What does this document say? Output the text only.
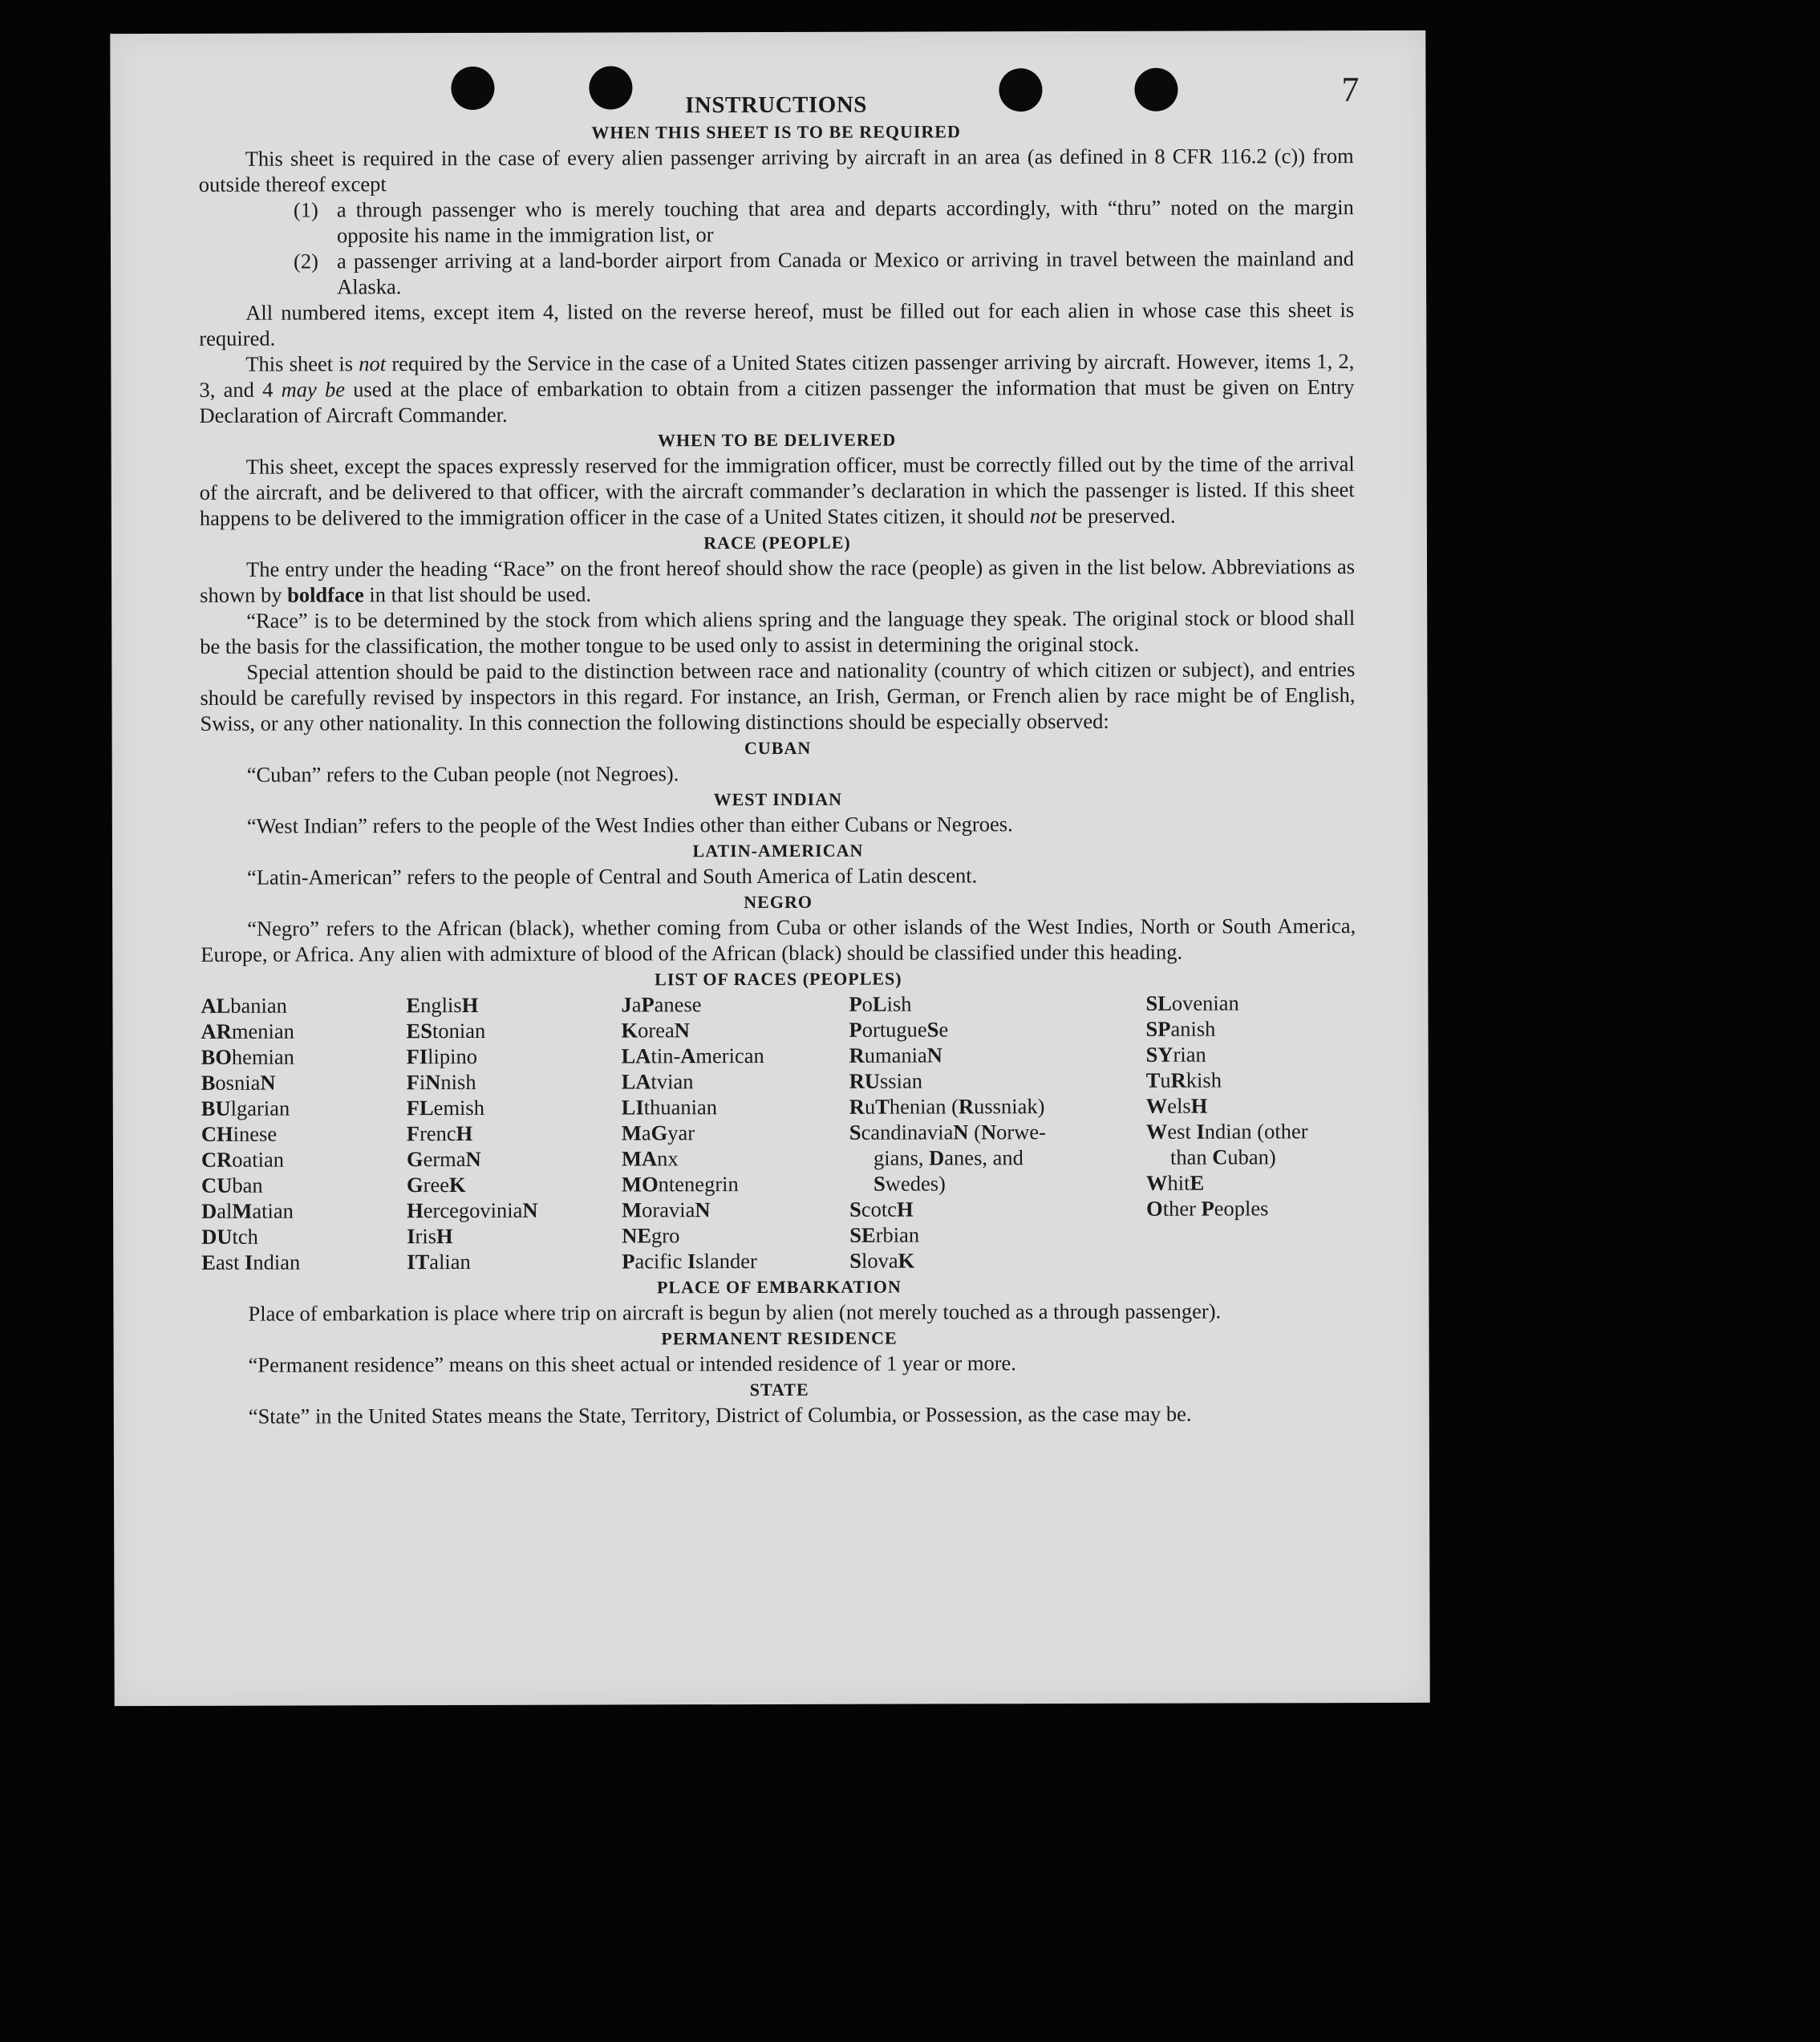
7
INSTRUCTIONS
WHEN THIS SHEET IS TO BE REQUIRED

This sheet is required in the case of every alien passenger arriving by aircraft in an area (as defined in 8 CFR 116.2 (c)) from outside thereof except

(1) a through passenger who is merely touching that area and departs accordingly, with “thru” noted on the margin opposite his name in the immigration list, or
(2) a passenger arriving at a land-border airport from Canada or Mexico or arriving in travel between the mainland and Alaska.

All numbered items, except item 4, listed on the reverse hereof, must be filled out for each alien in whose case this sheet is required.

This sheet is not required by the Service in the case of a United States citizen passenger arriving by aircraft. However, items 1, 2, 3, and 4 may be used at the place of embarkation to obtain from a citizen passenger the information that must be given on Entry Declaration of Aircraft Commander.

WHEN TO BE DELIVERED

This sheet, except the spaces expressly reserved for the immigration officer, must be correctly filled out by the time of the arrival of the aircraft, and be delivered to that officer, with the aircraft commander’s declaration in which the passenger is listed. If this sheet happens to be delivered to the immigration officer in the case of a United States citizen, it should not be preserved.

RACE (PEOPLE)

The entry under the heading “Race” on the front hereof should show the race (people) as given in the list below. Abbreviations as shown by boldface in that list should be used.

“Race” is to be determined by the stock from which aliens spring and the language they speak. The original stock or blood shall be the basis for the classification, the mother tongue to be used only to assist in determining the original stock.

Special attention should be paid to the distinction between race and nationality (country of which citizen or subject), and entries should be carefully revised by inspectors in this regard. For instance, an Irish, German, or French alien by race might be of English, Swiss, or any other nationality. In this connection the following distinctions should be especially observed:

CUBAN

“Cuban” refers to the Cuban people (not Negroes).

WEST INDIAN

“West Indian” refers to the people of the West Indies other than either Cubans or Negroes.

LATIN-AMERICAN

“Latin-American” refers to the people of Central and South America of Latin descent.

NEGRO

“Negro” refers to the African (black), whether coming from Cuba or other islands of the West Indies, North or South America, Europe, or Africa. Any alien with admixture of blood of the African (black) should be classified under this heading.

LIST OF RACES (PEOPLES)
ALbanian
ARmenian
BOhemian
BosniaN
BUlgarian
CHinese
CRoatian
CUban
DalMatian
DUtch
East Indian
EnglisH
EStonian
FIlipino
FiNnish
FLemish
FrencH
GermaN
GreeK
HercegoviniaN
IrisH
ITalian
JaPanese
KoreaN
LAtin-American
LAtvian
LIthuanian
MaGyar
MAnx
MOntenegrin
MoraviaN
NEgro
Pacific Islander
PoLish
PortugueSe
RumaniaN
RUssian
RuThenian (Russniak)
ScandinaviaN (Norwe-
gians, Danes, and
Swedes)
ScotcH
SErbian
SlovaK
SLovenian
SPanish
SYrian
TuRkish
WelsH
West Indian (other
than Cuban)
WhitE
Other Peoples
PLACE OF EMBARKATION

Place of embarkation is place where trip on aircraft is begun by alien (not merely touched as a through passenger).

PERMANENT RESIDENCE

“Permanent residence” means on this sheet actual or intended residence of 1 year or more.

STATE

“State” in the United States means the State, Territory, District of Columbia, or Possession, as the case may be.
